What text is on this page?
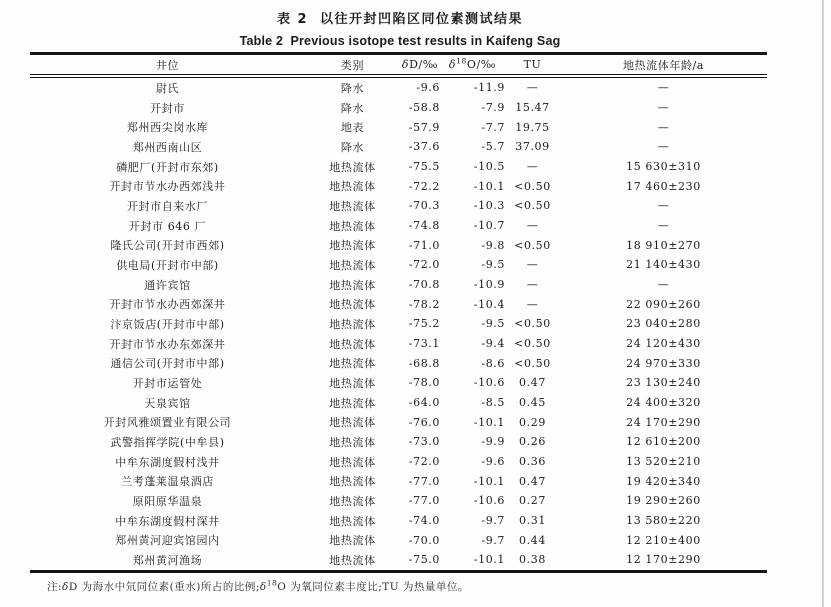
表 2  以往开封凹陷区同位素测试结果
Table 2  Previous isotope test results in Kaifeng Sag
井位	类别	δD/‰	$\delta^{18}O/‰$	TU	地热流体年龄/a
尉氏	降水	-9.6	-11.9	—	—
开封市	降水	-58.8	-7.9	15.47	—
郑州西尖岗水库	地表	-57.9	-7.7	19.75	—
郑州西南山区	降水	-37.6	-5.7	37.09	—
磷肥厂(开封市东郊)	地热流体	-75.5	-10.5	—	15 630±310
开封市节水办西郊浅井	地热流体	-72.2	-10.1	<0.50	17 460±230
开封市自来水厂	地热流体	-70.3	-10.3	<0.50	—
开封市 646 厂	地热流体	-74.8	-10.7	—	—
隆氏公司(开封市西郊)	地热流体	-71.0	-9.8	<0.50	18 910±270
供电局(开封市中部)	地热流体	-72.0	-9.5	—	21 140±430
通许宾馆	地热流体	-70.8	-10.9	—	—
开封市节水办西郊深井	地热流体	-78.2	-10.4	—	22 090±260
汴京饭店(开封市中部)	地热流体	-75.2	-9.5	<0.50	23 040±280
开封市节水办东郊深井	地热流体	-73.1	-9.4	<0.50	24 120±430
通信公司(开封市中部)	地热流体	-68.8	-8.6	<0.50	24 970±330
开封市运管处	地热流体	-78.0	-10.6	0.47	23 130±240
天泉宾馆	地热流体	-64.0	-8.5	0.45	24 400±320
开封风雅颂置业有限公司	地热流体	-76.0	-10.1	0.29	24 170±290
武警指挥学院(中牟县)	地热流体	-73.0	-9.9	0.26	12 610±200
中牟东湖度假村浅井	地热流体	-72.0	-9.6	0.36	13 520±210
兰考蓬莱温泉酒店	地热流体	-77.0	-10.1	0.47	19 420±340
原阳原华温泉	地热流体	-77.0	-10.6	0.27	19 290±260
中牟东湖度假村深井	地热流体	-74.0	-9.7	0.31	13 580±220
郑州黄河迎宾馆园内	地热流体	-70.0	-9.7	0.44	12 210±400
郑州黄河渔场	地热流体	-75.0	-10.1	0.38	12 170±290
注:δD 为海水中氘同位素(重水)所占的比例$;\delta^{18}O$ 为氧同位素丰度比;TU 为热量单位。
